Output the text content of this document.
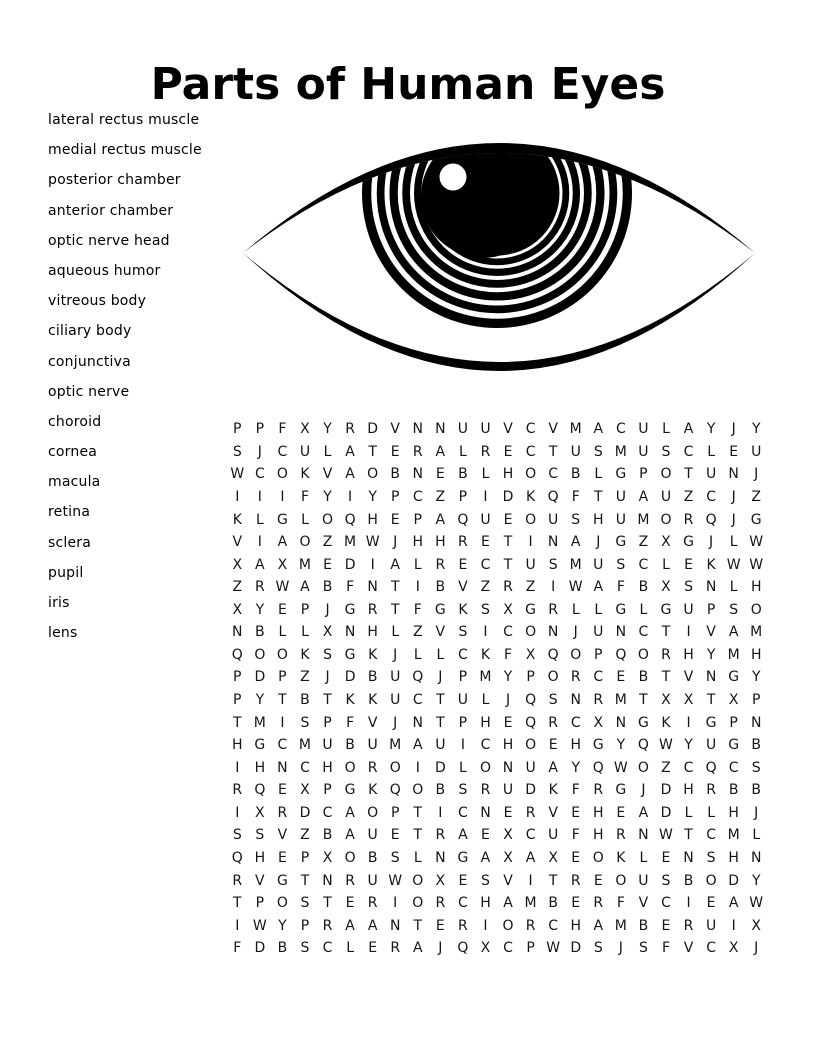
Parts of Human Eyes
lateral rectus muscle
medial rectus muscle
posterior chamber
anterior chamber
optic nerve head
aqueous humor
vitreous body
ciliary body
conjunctiva
optic nerve
choroid
cornea
macula
retina
sclera
pupil
iris
lens
P	P	F X Y R D V N N U U V C V M A C U L A Y	J	Y
S	J	C U L A T E R A L R E C T U S M U S C L	E U
W C O K V A O B N E B L H O C B L G P O T U N	J
I	I	I	F	Y	I	Y	P C Z P	I	D K Q F	T U A U Z C	J	Z
K	L G L O Q H E P A Q U E O U S H U M O R Q	J	G
V	I	A O Z M W J	H H R E T	I	N A	J	G Z X G	J	L W
X A X M E D	I	A L R E C T U S M U S C L	E K W W
Z R W A B F N T	I	B V Z R Z	I W A F B X S N L H
X Y E P	J	G R T	F G K S X G R L	L G L G U P S O
N B L	L X N H L Z V S	I	C O N	J	U N C T	I	V A M
Q O O K S G K	J	L	L C K F X Q O P Q O R H Y M H
P D P Z	J	D B U Q	J	P M Y	P O R C E B T V N G Y
P	Y	T B T K K U C T U L	J	Q S N R M T X X T X P
T M	I	S P	F V	J	N T	P H E Q R C X N G K	I	G P N
H G C M U B U M A U	I	C H O E H G Y Q W Y U G B
I	H N C H O R O	I	D L O N U A Y Q W O Z C Q C S
R Q E X P G K Q O B S R U D K F R G	J	D H R B B
I	X R D C A O P	T	I	C N E R V E H E A D L	L H	J
S S V Z B A U E T R A E X C U F H R N W T C M L
Q H E P X O B S	L N G A X A X E O K	L	E N S H N
R V G T N R U W O X E S V	I	T R E O U S B O D Y
T	P O S T E R	I	O R C H A M B E R F V C	I	E A W
I W Y	P R A A N T E R	I	O R C H A M B E R U	I	X
F D B S C L	E R A	J	Q X C P W D S	J	S	F V C X	J
